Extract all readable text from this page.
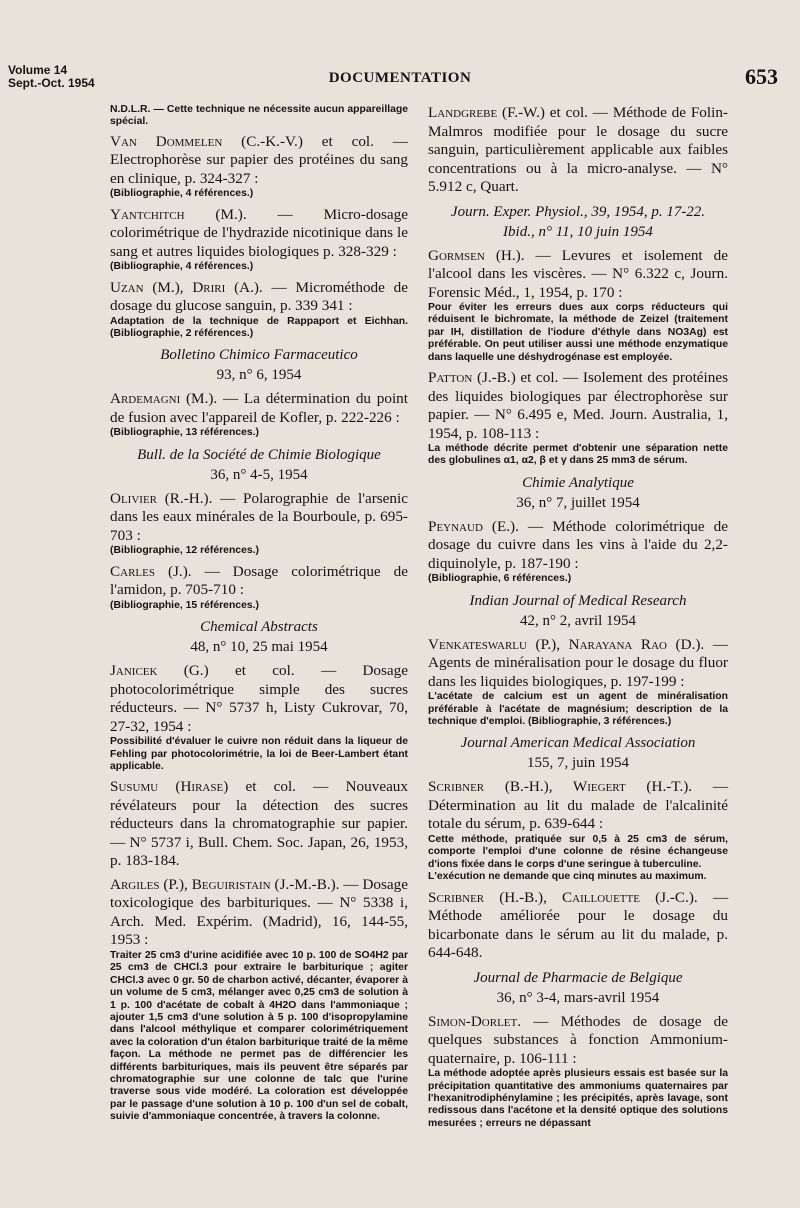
Volume 14
Sept.-Oct. 1954	DOCUMENTATION	653
N.D.L.R. — Cette technique ne nécessite aucun appareillage spécial.
Van Dommelen (C.-K.-V.) et col. — Electrophorèse sur papier des protéines du sang en clinique, p. 324-327 :
(Bibliographie, 4 références.)
Yantchitch (M.). — Micro-dosage colorimétrique de l'hydrazide nicotinique dans le sang et autres liquides biologiques p. 328-329 :
(Bibliographie, 4 références.)
Uzan (M.), Driri (A.). — Microméthode de dosage du glucose sanguin, p. 339 341 :
Adaptation de la technique de Rappaport et Eichhan. (Bibliographie, 2 références.)
Bolletino Chimico Farmaceutico
93, n° 6, 1954
Ardemagni (M.). — La détermination du point de fusion avec l'appareil de Kofler, p. 222-226 :
(Bibliographie, 13 références.)
Bull. de la Société de Chimie Biologique
36, n° 4-5, 1954
Olivier (R.-H.). — Polarographie de l'arsenic dans les eaux minérales de la Bourboule, p. 695-703 :
(Bibliographie, 12 références.)
Carles (J.). — Dosage colorimétrique de l'amidon, p. 705-710 :
(Bibliographie, 15 références.)
Chemical Abstracts
48, n° 10, 25 mai 1954
Janicek (G.) et col. — Dosage photocolorimétrique simple des sucres réducteurs. — N° 5737 h, Listy Cukrovar, 70, 27-32, 1954 :
Possibilité d'évaluer le cuivre non réduit dans la liqueur de Fehling par photocolorimétrie, la loi de Beer-Lambert étant applicable.
Susumu (Hirase) et col. — Nouveaux révélateurs pour la détection des sucres réducteurs dans la chromatographie sur papier. — N° 5737 i, Bull. Chem. Soc. Japan, 26, 1953, p. 183-184.
Argiles (P.), Beguiristain (J.-M.-B.). — Dosage toxicologique des barbituriques. — N° 5338 i, Arch. Med. Expérim. (Madrid), 16, 144-55, 1953 :
Traiter 25 cm3 d'urine acidifiée avec 10 p. 100 de SO4H2 par 25 cm3 de CHCl.3 pour extraire le barbiturique ; agiter CHCl.3 avec 0 gr. 50 de charbon activé, décanter, évaporer à un volume de 5 cm3, mélanger avec 0,25 cm3 de solution à 1 p. 100 d'acétate de cobalt à 4H2O dans l'ammoniaque ; ajouter 1,5 cm3 d'une solution à 5 p. 100 d'isopropylamine dans l'alcool méthylique et comparer colorimétriquement avec la coloration d'un étalon barbiturique traité de la même façon. La méthode ne permet pas de différencier les différents barbituriques, mais ils peuvent être séparés par chromatographie sur une colonne de talc que l'urine traverse sous vide modéré. La coloration est développée par le passage d'une solution à 10 p. 100 d'un sel de cobalt, suivie d'ammoniaque concentrée, à travers la colonne.
Landgrebe (F.-W.) et col. — Méthode de Folin-Malmros modifiée pour le dosage du sucre sanguin, particulièrement applicable aux faibles concentrations ou à la micro-analyse. — N° 5.912 c, Quart.
Journ. Exper. Physiol., 39, 1954, p. 17-22.
Ibid., n° 11, 10 juin 1954
Gormsen (H.). — Levures et isolement de l'alcool dans les viscères. — N° 6.322 c, Journ. Forensic Méd., 1, 1954, p. 170 :
Pour éviter les erreurs dues aux corps réducteurs qui réduisent le bichromate, la méthode de Zeizel (traitement par IH, distillation de l'iodure d'éthyle dans NO3Ag) est préférable. On peut utiliser aussi une méthode enzymatique dans laquelle une déshydrogénase est employée.
Patton (J.-B.) et col. — Isolement des protéines des liquides biologiques par électrophorèse sur papier. — N° 6.495 e, Med. Journ. Australia, 1, 1954, p. 108-113 :
La méthode décrite permet d'obtenir une séparation nette des globulines α1, α2, β et γ dans 25 mm3 de sérum.
Chimie Analytique
36, n° 7, juillet 1954
Peynaud (E.). — Méthode colorimétrique de dosage du cuivre dans les vins à l'aide du 2,2-diquinolyle, p. 187-190 :
(Bibliographie, 6 références.)
Indian Journal of Medical Research
42, n° 2, avril 1954
Venkateswarlu (P.), Narayana Rao (D.). — Agents de minéralisation pour le dosage du fluor dans les liquides biologiques, p. 197-199 :
L'acétate de calcium est un agent de minéralisation préférable à l'acétate de magnésium; description de la technique d'emploi. (Bibliographie, 3 références.)
Journal American Medical Association
155, 7, juin 1954
Scribner (B.-H.), Wiegert (H.-T.). — Détermination au lit du malade de l'alcalinité totale du sérum, p. 639-644 :
Cette méthode, pratiquée sur 0,5 à 25 cm3 de sérum, comporte l'emploi d'une colonne de résine échangeuse d'ions fixée dans le corps d'une seringue à tuberculine.
L'exécution ne demande que cinq minutes au maximum.
Scribner (H.-B.), Caillouette (J.-C.). — Méthode améliorée pour le dosage du bicarbonate dans le sérum au lit du malade, p. 644-648.
Journal de Pharmacie de Belgique
36, n° 3-4, mars-avril 1954
Simon-Dorlet. — Méthodes de dosage de quelques substances à fonction Ammonium-quaternaire, p. 106-111 :
La méthode adoptée après plusieurs essais est basée sur la précipitation quantitative des ammoniums quaternaires par l'hexanitrodiphénylamine ; les précipités, après lavage, sont redissous dans l'acétone et la densité optique des solutions mesurées ; erreurs ne dépassant
